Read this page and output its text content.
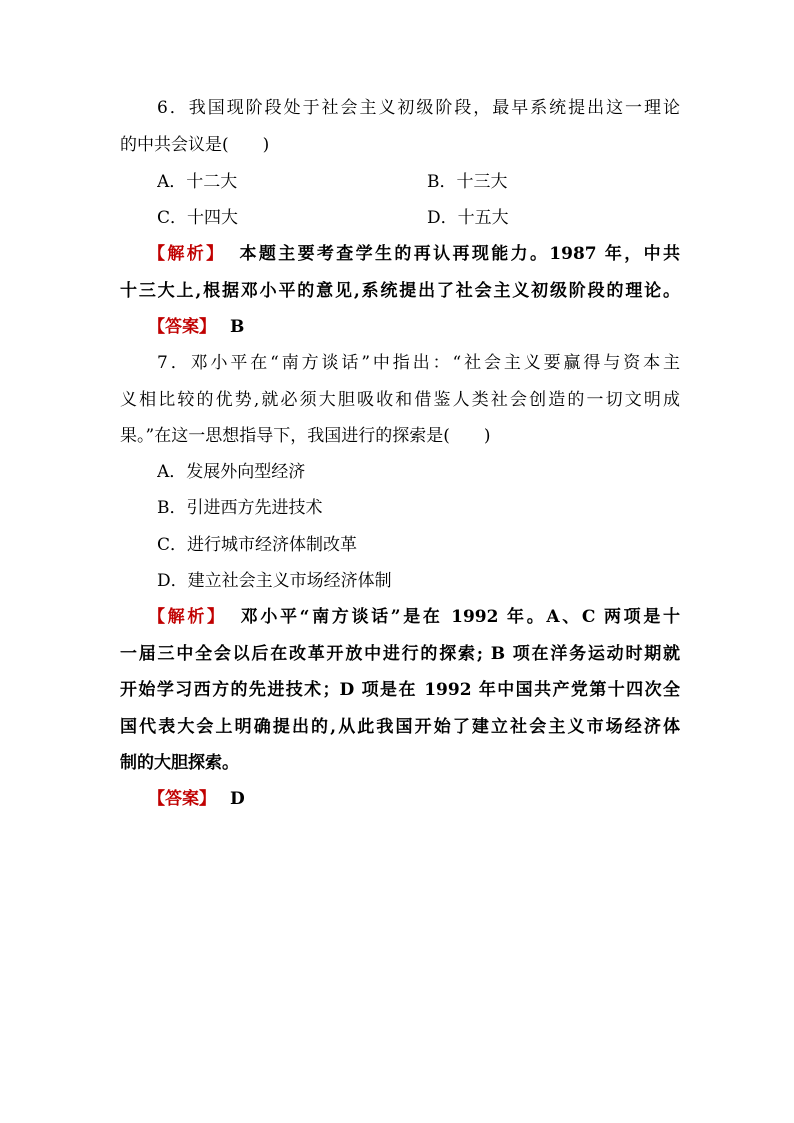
6．我国现阶段处于社会主义初级阶段，最早系统提出这一理论
的中共会议是(　　)
A．十二大	B．十三大
C．十四大	D．十五大
【解析】 本题主要考查学生的再认再现能力。1987 年，中共
十三大上,根据邓小平的意见,系统提出了社会主义初级阶段的理论。
【答案】 B
7．邓小平在“南方谈话”中指出：“社会主义要赢得与资本主
义相比较的优势,就必须大胆吸收和借鉴人类社会创造的一切文明成
果。”在这一思想指导下，我国进行的探索是(　　)
A．发展外向型经济
B．引进西方先进技术
C．进行城市经济体制改革
D．建立社会主义市场经济体制
【解析】 邓小平“南方谈话”是在 1992 年。A、C 两项是十
一届三中全会以后在改革开放中进行的探索; B 项在洋务运动时期就
开始学习西方的先进技术；D 项是在 1992 年中国共产党第十四次全
国代表大会上明确提出的,从此我国开始了建立社会主义市场经济体
制的大胆探索。
【答案】 D
